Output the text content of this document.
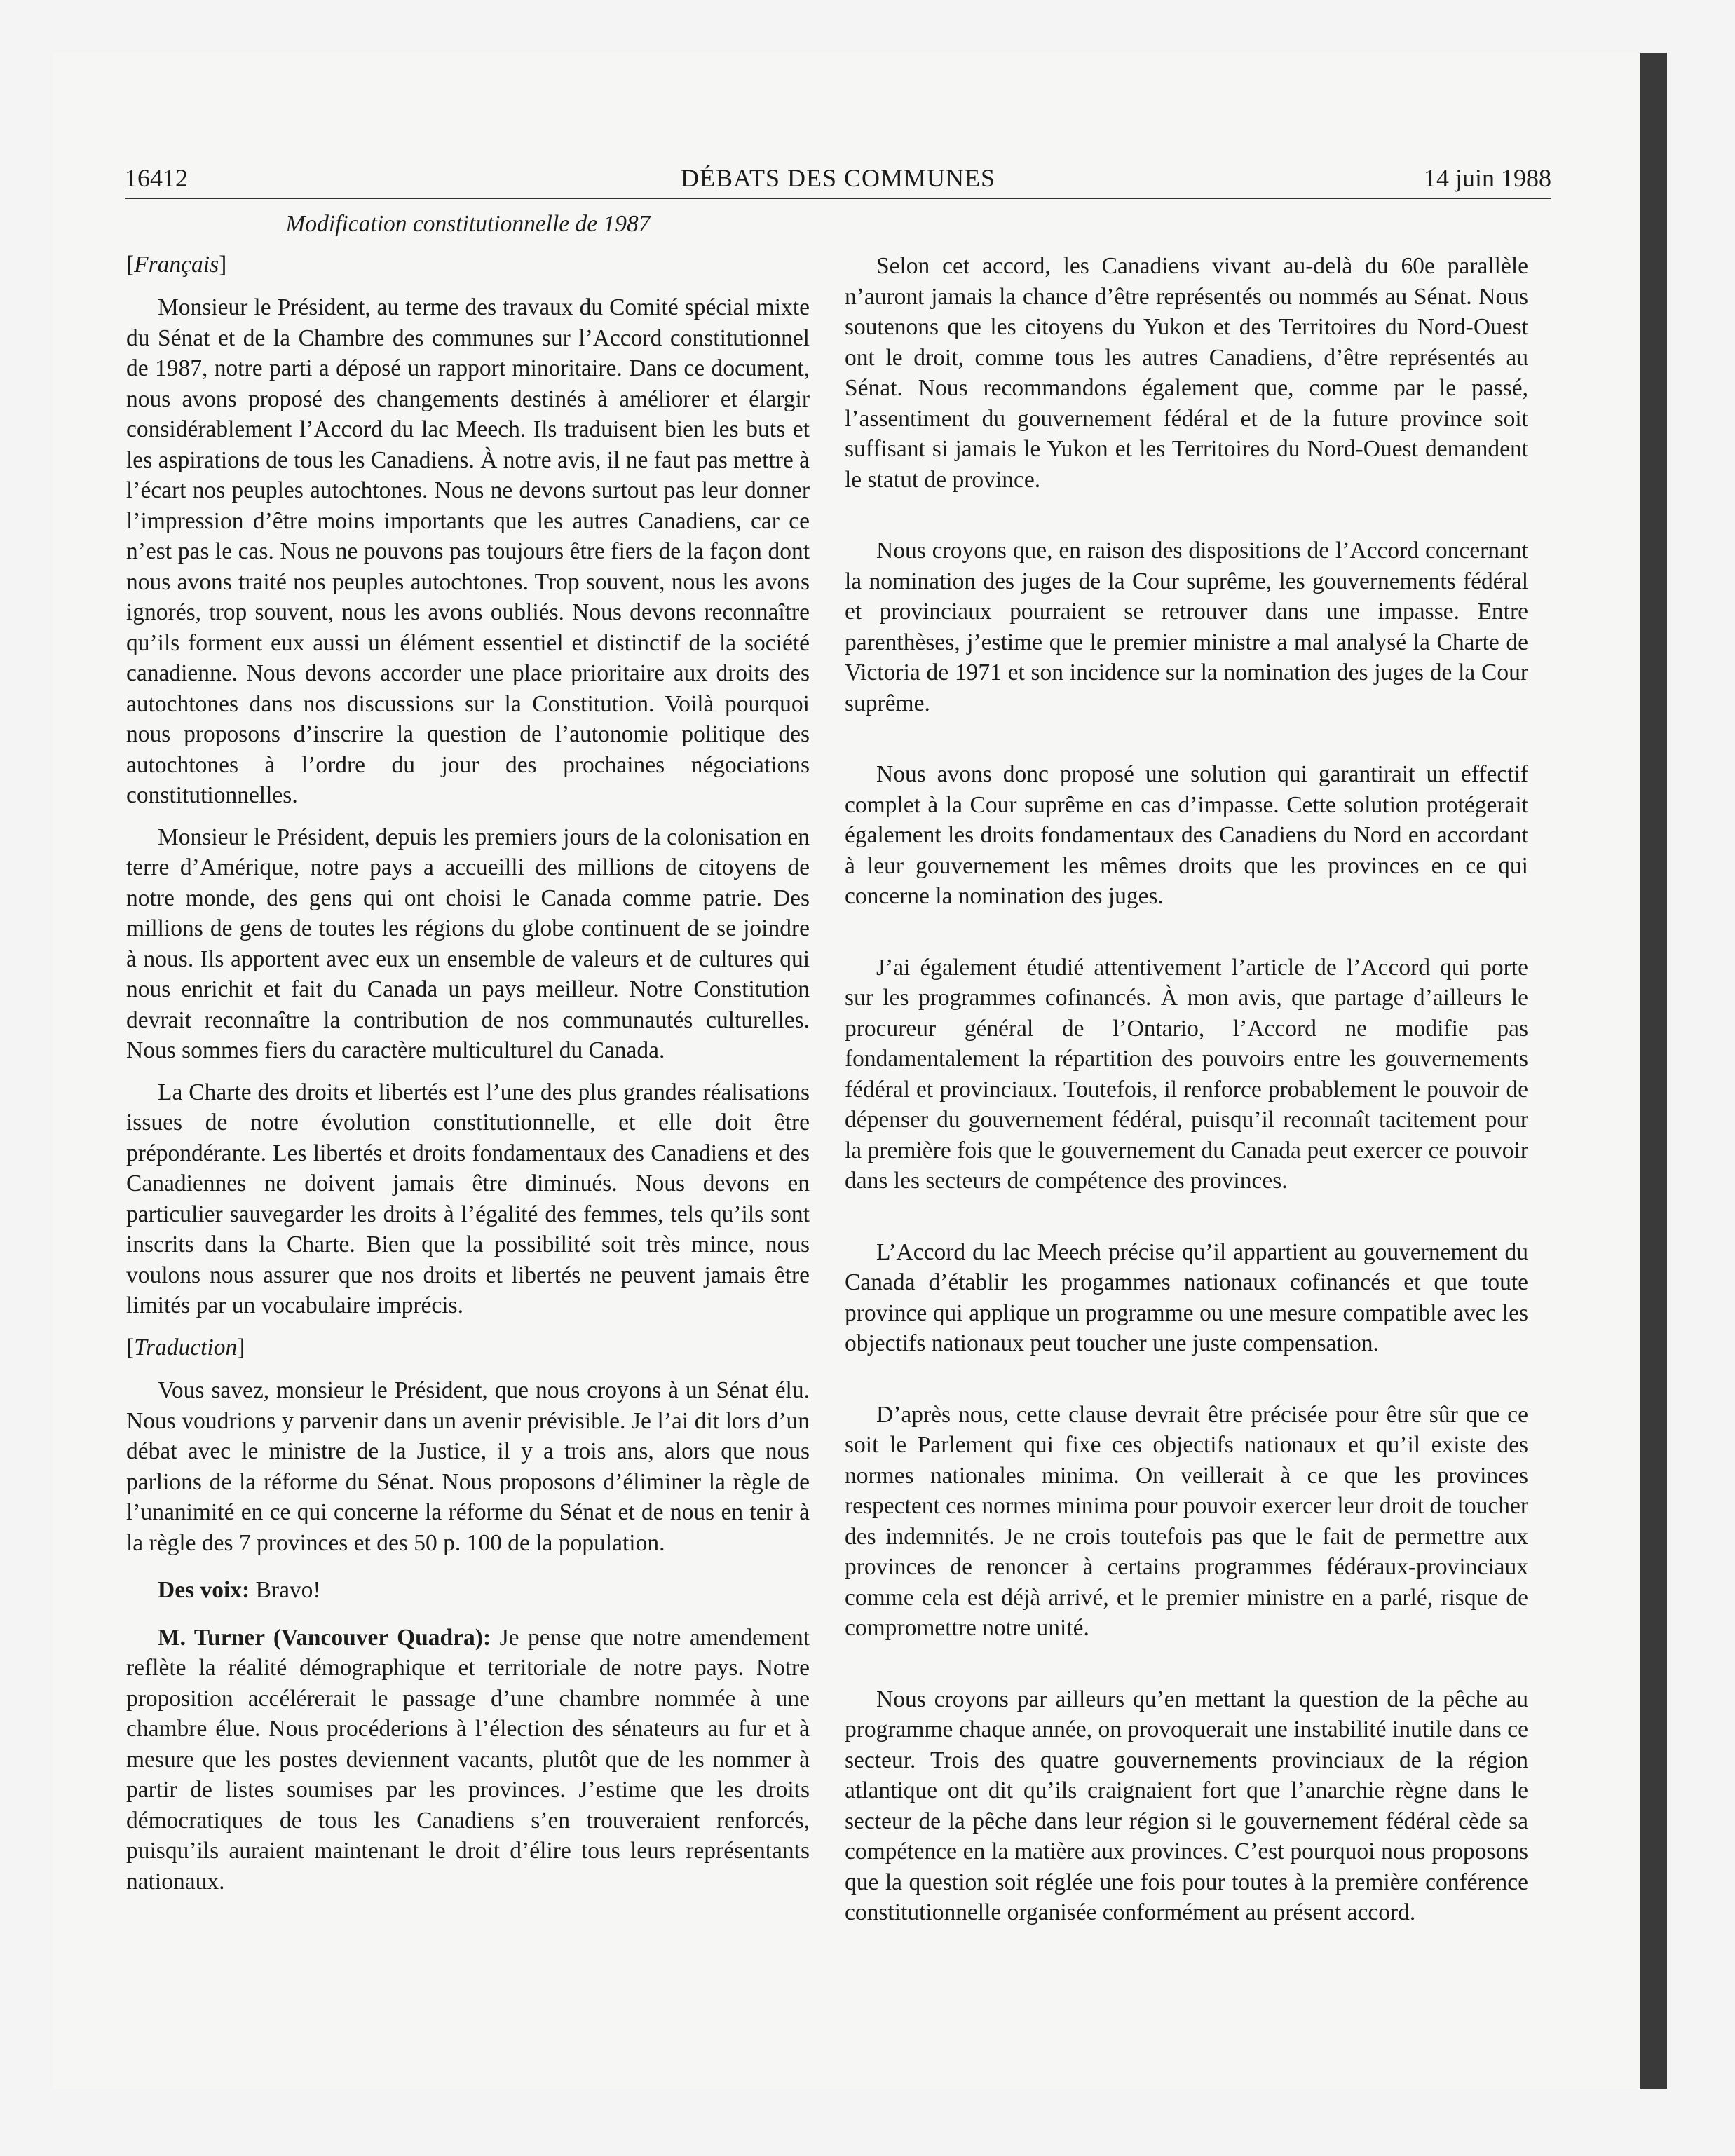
16412	DÉBATS DES COMMUNES	14 juin 1988
Modification constitutionnelle de 1987
[Français]

Monsieur le Président, au terme des travaux du Comité spécial mixte du Sénat et de la Chambre des communes sur l’Accord constitutionnel de 1987, notre parti a déposé un rapport minoritaire. Dans ce document, nous avons proposé des changements destinés à améliorer et élargir considérablement l’Accord du lac Meech. Ils traduisent bien les buts et les aspirations de tous les Canadiens. À notre avis, il ne faut pas mettre à l’écart nos peuples autochtones. Nous ne devons surtout pas leur donner l’impression d’être moins importants que les autres Canadiens, car ce n’est pas le cas. Nous ne pouvons pas toujours être fiers de la façon dont nous avons traité nos peuples autochtones. Trop souvent, nous les avons ignorés, trop souvent, nous les avons oubliés. Nous devons reconnaître qu’ils forment eux aussi un élément essentiel et distinctif de la société canadienne. Nous devons accorder une place prioritaire aux droits des autochtones dans nos discussions sur la Constitution. Voilà pourquoi nous proposons d’inscrire la question de l’autonomie politique des autochtones à l’ordre du jour des prochaines négociations constitutionnelles.

Monsieur le Président, depuis les premiers jours de la colonisation en terre d’Amérique, notre pays a accueilli des millions de citoyens de notre monde, des gens qui ont choisi le Canada comme patrie. Des millions de gens de toutes les régions du globe continuent de se joindre à nous. Ils apportent avec eux un ensemble de valeurs et de cultures qui nous enrichit et fait du Canada un pays meilleur. Notre Constitution devrait reconnaître la contribution de nos communautés culturelles. Nous sommes fiers du caractère multiculturel du Canada.

La Charte des droits et libertés est l’une des plus grandes réalisations issues de notre évolution constitutionnelle, et elle doit être prépondérante. Les libertés et droits fondamentaux des Canadiens et des Canadiennes ne doivent jamais être diminués. Nous devons en particulier sauvegarder les droits à l’égalité des femmes, tels qu’ils sont inscrits dans la Charte. Bien que la possibilité soit très mince, nous voulons nous assurer que nos droits et libertés ne peuvent jamais être limités par un vocabulaire imprécis.

[Traduction]

Vous savez, monsieur le Président, que nous croyons à un Sénat élu. Nous voudrions y parvenir dans un avenir prévisible. Je l’ai dit lors d’un débat avec le ministre de la Justice, il y a trois ans, alors que nous parlions de la réforme du Sénat. Nous proposons d’éliminer la règle de l’unanimité en ce qui concerne la réforme du Sénat et de nous en tenir à la règle des 7 provinces et des 50 p. 100 de la population.

Des voix: Bravo!

M. Turner (Vancouver Quadra): Je pense que notre amendement reflète la réalité démographique et territoriale de notre pays. Notre proposition accélérerait le passage d’une chambre nommée à une chambre élue. Nous procéderions à l’élection des sénateurs au fur et à mesure que les postes deviennent vacants, plutôt que de les nommer à partir de listes soumises par les provinces. J’estime que les droits démocratiques de tous les Canadiens s’en trouveraient renforcés, puisqu’ils auraient maintenant le droit d’élire tous leurs représentants nationaux.

Selon cet accord, les Canadiens vivant au-delà du 60e parallèle n’auront jamais la chance d’être représentés ou nommés au Sénat. Nous soutenons que les citoyens du Yukon et des Territoires du Nord-Ouest ont le droit, comme tous les autres Canadiens, d’être représentés au Sénat. Nous recommandons également que, comme par le passé, l’assentiment du gouvernement fédéral et de la future province soit suffisant si jamais le Yukon et les Territoires du Nord-Ouest demandent le statut de province.

Nous croyons que, en raison des dispositions de l’Accord concernant la nomination des juges de la Cour suprême, les gouvernements fédéral et provinciaux pourraient se retrouver dans une impasse. Entre parenthèses, j’estime que le premier ministre a mal analysé la Charte de Victoria de 1971 et son incidence sur la nomination des juges de la Cour suprême.

Nous avons donc proposé une solution qui garantirait un effectif complet à la Cour suprême en cas d’impasse. Cette solution protégerait également les droits fondamentaux des Canadiens du Nord en accordant à leur gouvernement les mêmes droits que les provinces en ce qui concerne la nomination des juges.

J’ai également étudié attentivement l’article de l’Accord qui porte sur les programmes cofinancés. À mon avis, que partage d’ailleurs le procureur général de l’Ontario, l’Accord ne modifie pas fondamentalement la répartition des pouvoirs entre les gouvernements fédéral et provinciaux. Toutefois, il renforce probablement le pouvoir de dépenser du gouvernement fédéral, puisqu’il reconnaît tacitement pour la première fois que le gouvernement du Canada peut exercer ce pouvoir dans les secteurs de compétence des provinces.

L’Accord du lac Meech précise qu’il appartient au gouvernement du Canada d’établir les progammes nationaux cofinancés et que toute province qui applique un programme ou une mesure compatible avec les objectifs nationaux peut toucher une juste compensation.

D’après nous, cette clause devrait être précisée pour être sûr que ce soit le Parlement qui fixe ces objectifs nationaux et qu’il existe des normes nationales minima. On veillerait à ce que les provinces respectent ces normes minima pour pouvoir exercer leur droit de toucher des indemnités. Je ne crois toutefois pas que le fait de permettre aux provinces de renoncer à certains programmes fédéraux-provinciaux comme cela est déjà arrivé, et le premier ministre en a parlé, risque de compromettre notre unité.

Nous croyons par ailleurs qu’en mettant la question de la pêche au programme chaque année, on provoquerait une instabilité inutile dans ce secteur. Trois des quatre gouvernements provinciaux de la région atlantique ont dit qu’ils craignaient fort que l’anarchie règne dans le secteur de la pêche dans leur région si le gouvernement fédéral cède sa compétence en la matière aux provinces. C’est pourquoi nous proposons que la question soit réglée une fois pour toutes à la première conférence constitutionnelle organisée conformément au présent accord.
